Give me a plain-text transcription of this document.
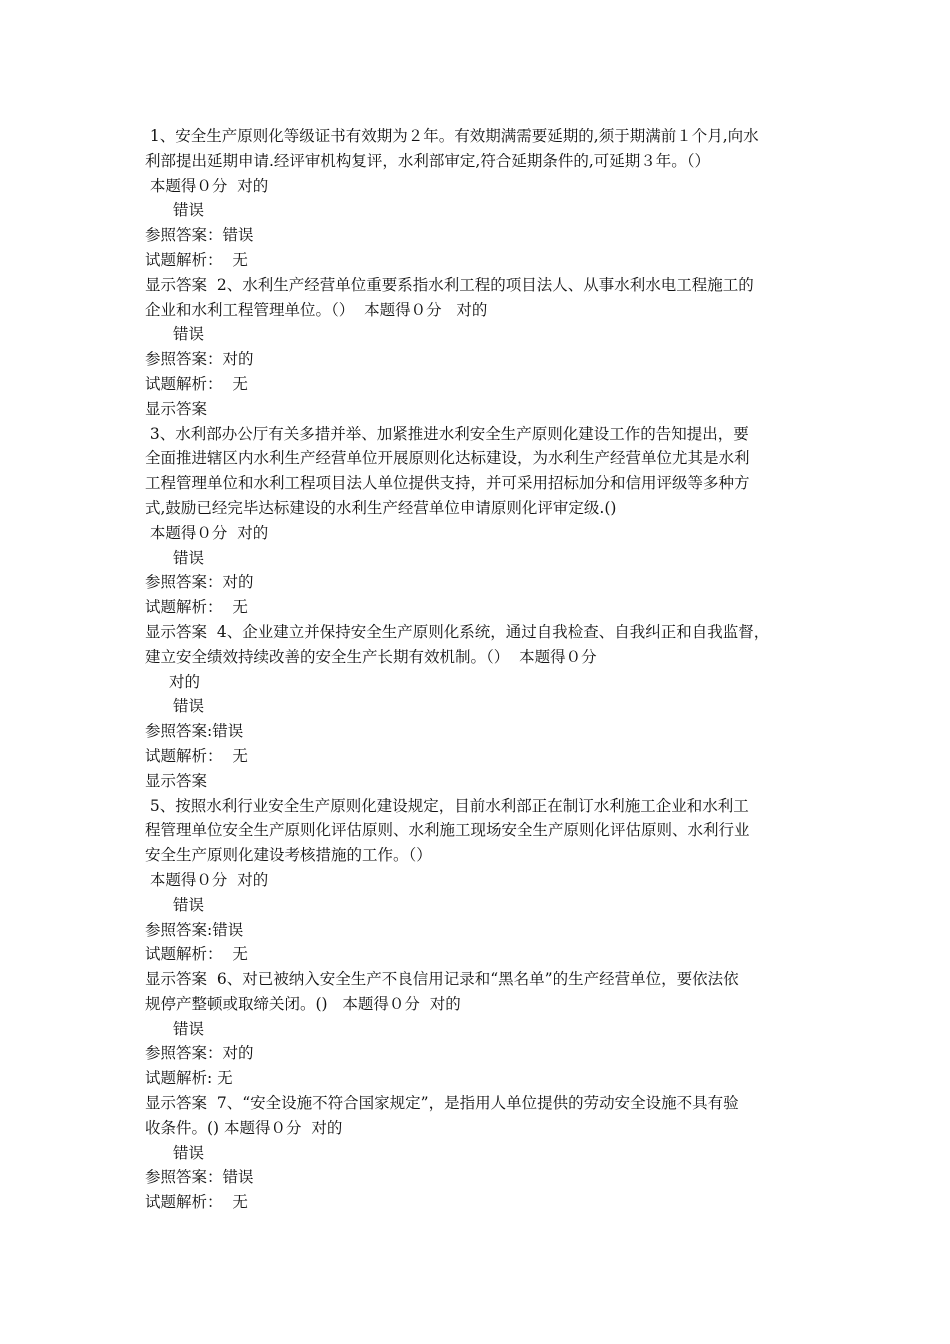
1、安全生产原则化等级证书有效期为２年。有效期满需要延期的,须于期满前１个月,向水
利部提出延期申请.经评审机构复评，水利部审定,符合延期条件的,可延期３年。（）
本题得０分  对的
错误
参照答案：错误
试题解析：  无
显示答案  2、水利生产经营单位重要系指水利工程的项目法人、从事水利水电工程施工的
企业和水利工程管理单位。（）  本题得０分   对的
错误
参照答案：对的
试题解析：  无
显示答案
3、水利部办公厅有关多措并举、加紧推进水利安全生产原则化建设工作的告知提出，要
全面推进辖区内水利生产经营单位开展原则化达标建设，为水利生产经营单位尤其是水利
工程管理单位和水利工程项目法人单位提供支持，并可采用招标加分和信用评级等多种方
式,鼓励已经完毕达标建设的水利生产经营单位申请原则化评审定级.()
本题得０分  对的
错误
参照答案：对的
试题解析：  无
显示答案  4、企业建立并保持安全生产原则化系统，通过自我检查、自我纠正和自我监督，
建立安全绩效持续改善的安全生产长期有效机制。（）  本题得０分
对的
错误
参照答案:错误
试题解析：  无
显示答案
5、按照水利行业安全生产原则化建设规定，目前水利部正在制订水利施工企业和水利工
程管理单位安全生产原则化评估原则、水利施工现场安全生产原则化评估原则、水利行业
安全生产原则化建设考核措施的工作。（）
本题得０分  对的
错误
参照答案:错误
试题解析：  无
显示答案  6、对已被纳入安全生产不良信用记录和“黑名单”的生产经营单位，要依法依
规停产整顿或取缔关闭。()   本题得０分  对的
错误
参照答案：对的
试题解析: 无
显示答案  7、“安全设施不符合国家规定”，是指用人单位提供的劳动安全设施不具有验
收条件。() 本题得０分  对的
错误
参照答案：错误
试题解析：  无
